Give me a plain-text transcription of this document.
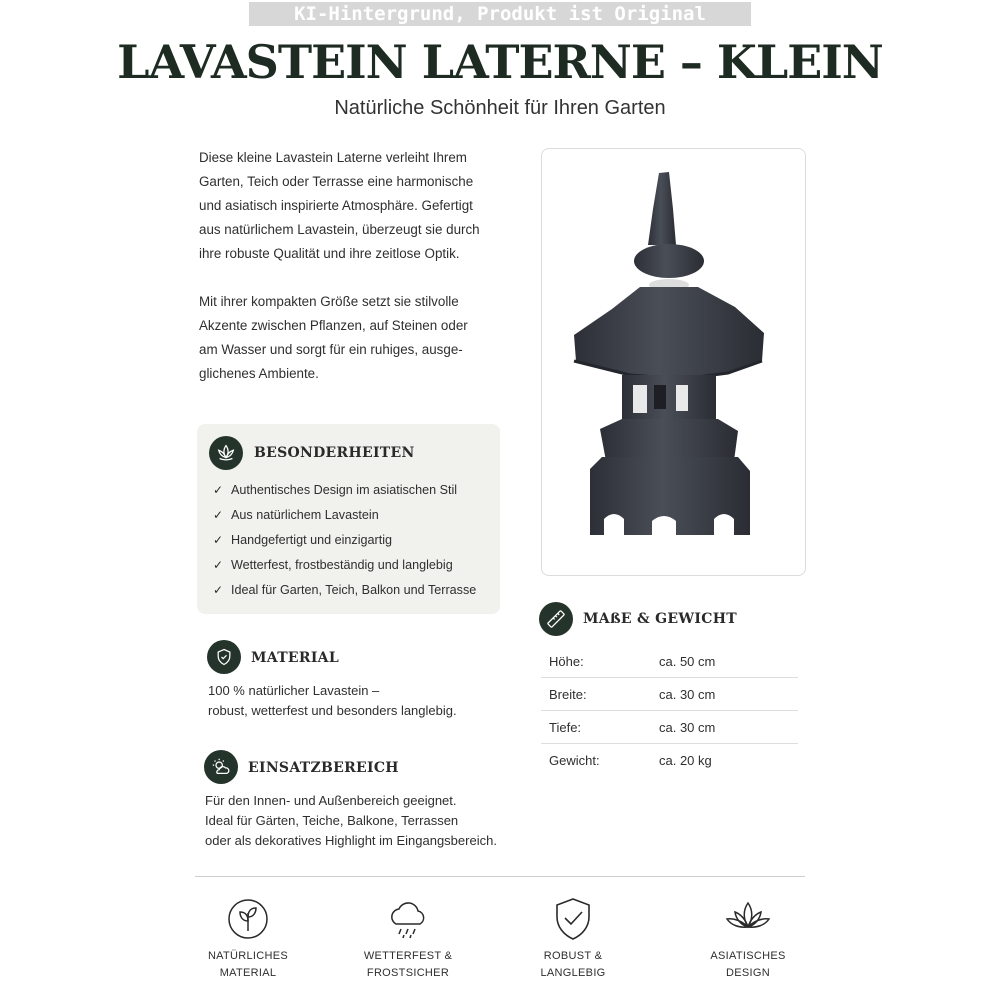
KI-Hintergrund, Produkt ist Original
LAVASTEIN LATERNE – KLEIN
Natürliche Schönheit für Ihren Garten

Diese kleine Lavastein Laterne verleiht Ihrem
Garten, Teich oder Terrasse eine harmonische
und asiatisch inspirierte Atmosphäre. Gefertigt
aus natürlichem Lavastein, überzeugt sie durch
ihre robuste Qualität und ihre zeitlose Optik.

Mit ihrer kompakten Größe setzt sie stilvolle
Akzente zwischen Pflanzen, auf Steinen oder
am Wasser und sorgt für ein ruhiges, ausge-
glichenes Ambiente.

BESONDERHEITEN
✓ Authentisches Design im asiatischen Stil
✓ Aus natürlichem Lavastein
✓ Handgefertigt und einzigartig
✓ Wetterfest, frostbeständig und langlebig
✓ Ideal für Garten, Teich, Balkon und Terrasse
MAßE & GEWICHT
Höhe:	ca. 50 cm
Breite:	ca. 30 cm
Tiefe:	ca. 30 cm
Gewicht:	ca. 20 kg
MATERIAL
100 % natürlicher Lavastein –
robust, wetterfest und besonders langlebig.
EINSATZBEREICH
Für den Innen- und Außenbereich geeignet.
Ideal für Gärten, Teiche, Balkone, Terrassen
oder als dekoratives Highlight im Eingangsbereich.
NATÜRLICHES
MATERIAL
WETTERFEST &
FROSTSICHER
ROBUST &
LANGLEBIG
ASIATISCHES
DESIGN
